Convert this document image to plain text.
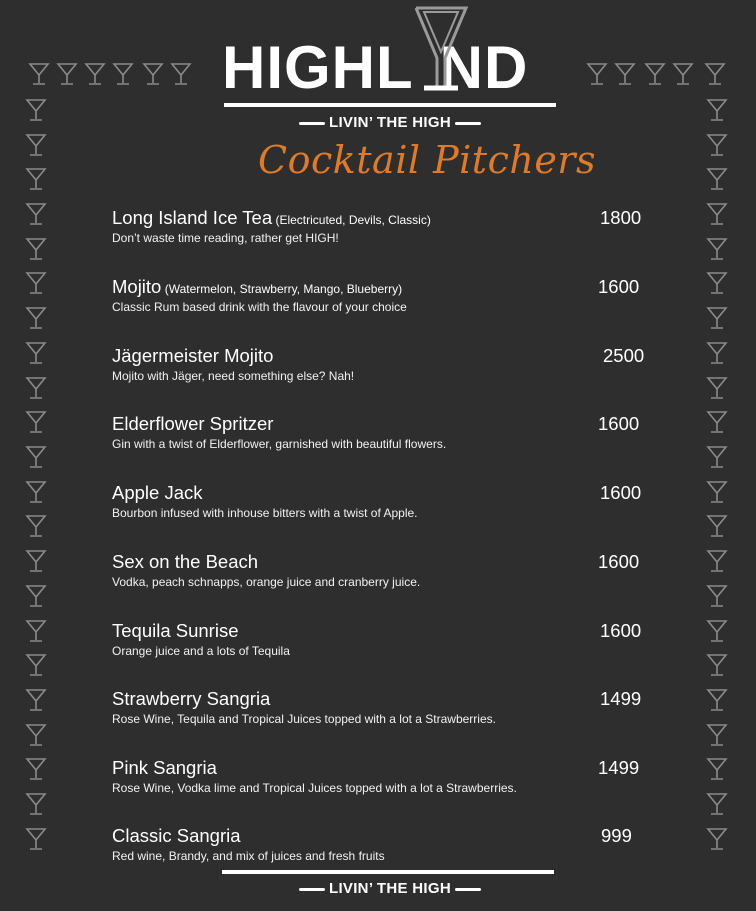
HIGHL  ND
LIVIN’ THE HIGH
Cocktail Pitchers
Long Island Ice Tea (Electricuted, Devils, Classic)
Don’t waste time reading, rather get HIGH!
1800
Mojito (Watermelon, Strawberry, Mango, Blueberry)
Classic Rum based drink with the flavour of your choice
1600
Jägermeister Mojito
Mojito with Jäger, need something else? Nah!
2500
Elderflower Spritzer
Gin with a twist of Elderflower, garnished with beautiful flowers.
1600
Apple Jack
Bourbon infused with inhouse bitters with a twist of Apple.
1600
Sex on the Beach
Vodka, peach schnapps, orange juice and cranberry juice.
1600
Tequila Sunrise
Orange juice and a lots of Tequila
1600
Strawberry Sangria
Rose Wine, Tequila and Tropical Juices topped with a lot a Strawberries.
1499
Pink Sangria
Rose Wine, Vodka lime and Tropical Juices topped with a lot a Strawberries.
1499
Classic Sangria
Red wine, Brandy, and mix of juices and fresh fruits
999
LIVIN’ THE HIGH
